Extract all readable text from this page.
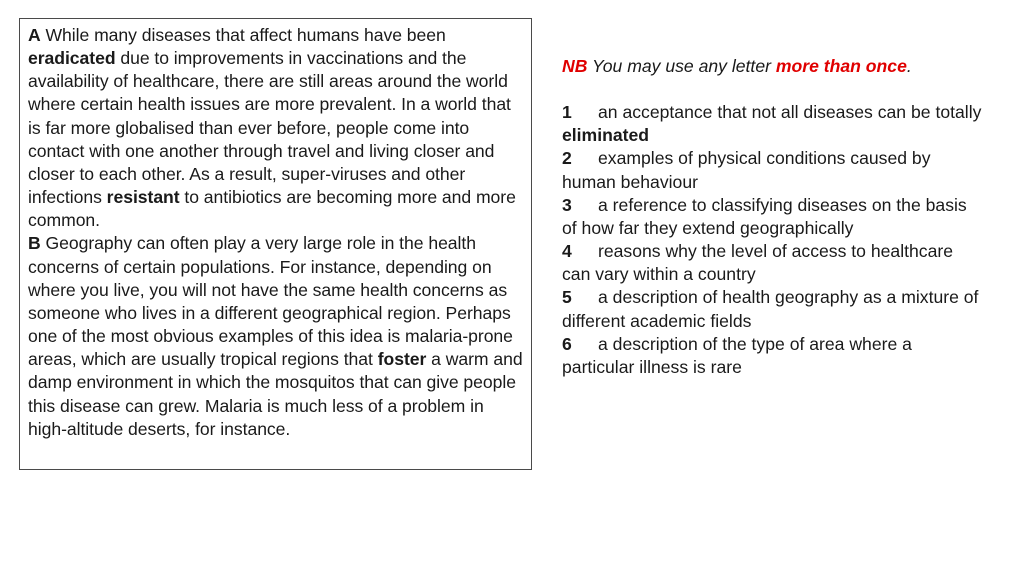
A While many diseases that affect humans have been eradicated due to improvements in vaccinations and the availability of healthcare, there are still areas around the world where certain health issues are more prevalent. In a world that is far more globalised than ever before, people come into contact with one another through travel and living closer and closer to each other. As a result, super-viruses and other infections resistant to antibiotics are becoming more and more common.

B Geography can often play a very large role in the health concerns of certain populations. For instance, depending on where you live, you will not have the same health concerns as someone who lives in a different geographical region. Perhaps one of the most obvious examples of this idea is malaria-prone areas, which are usually tropical regions that foster a warm and damp environment in which the mosquitos that can give people this disease can grew. Malaria is much less of a problem in high-altitude deserts, for instance.

NB You may use any letter more than once.

1 an acceptance that not all diseases can be totally eliminated

2 examples of physical conditions caused by human behaviour

3 a reference to classifying diseases on the basis of how far they extend geographically

4 reasons why the level of access to healthcare can vary within a country

5 a description of health geography as a mixture of different academic fields

6 a description of the type of area where a particular illness is rare
